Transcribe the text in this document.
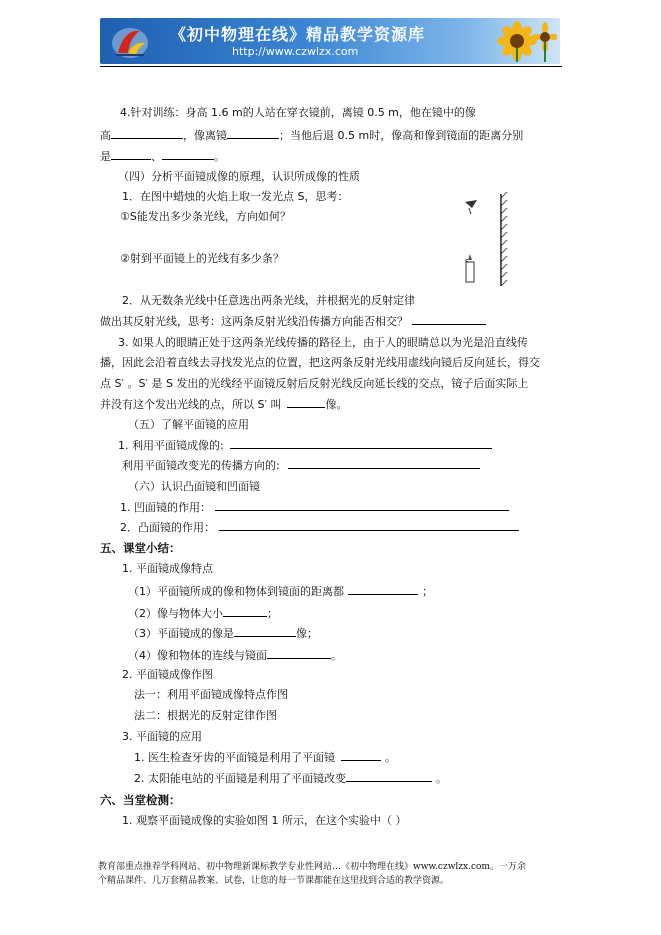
《初中物理在线》精品教学资源库
http://www.czwlzx.com
4.针对训练：身高 1.6 m的人站在穿衣镜前，离镜 0.5 m，他在镜中的像
高	，像离镜	；当他后退 0.5 m时，像高和像到镜面的距离分别
是	、	。
（四）分析平面镜成像的原理，认识所成像的性质
1．在图中蜡烛的火焰上取一发光点 S，思考：
①S能发出多少条光线，方向如何？
②射到平面镜上的光线有多少条？
2．从无数条光线中任意选出两条光线，并根据光的反射定律
做出其反射光线，思考：这两条反射光线沿传播方向能否相交？
3. 如果人的眼睛正处于这两条光线传播的路径上，由于人的眼睛总以为光是沿直线传
播，因此会沿着直线去寻找发光点的位置，把这两条反射光线用虚线向镜后反向延长，得交
点 S′ 。S′ 是 S 发出的光线经平面镜反射后反射光线反向延长线的交点，镜子后面实际上
并没有这个发出光线的点，所以 S′ 叫	像。
（五）了解平面镜的应用
1. 利用平面镜成像的:
利用平面镜改变光的传播方向的:
（六）认识凸面镜和凹面镜
1. 凹面镜的作用：
2．凸面镜的作用：
五、课堂小结：
1. 平面镜成像特点
（1）平面镜所成的像和物体到镜面的距离都	；
（2）像与物体大小	；
（3）平面镜成的像是	像；
（4）像和物体的连线与镜面	。
2. 平面镜成像作图
法一：利用平面镜成像特点作图
法二：根据光的反射定律作图
3. 平面镜的应用
1. 医生检查牙齿的平面镜是利用了平面镜	。
2. 太阳能电站的平面镜是利用了平面镜改变	。
六、当堂检测：
1. 观察平面镜成像的实验如图 1 所示，在这个实验中（ ）
教育部重点推荐学科网站、初中物理新课标教学专业性网站…《初中物理在线》www.czwlzx.com。一万余
个精品课件、几万套精品教案、试卷，让您的每一节课都能在这里找到合适的教学资源。
